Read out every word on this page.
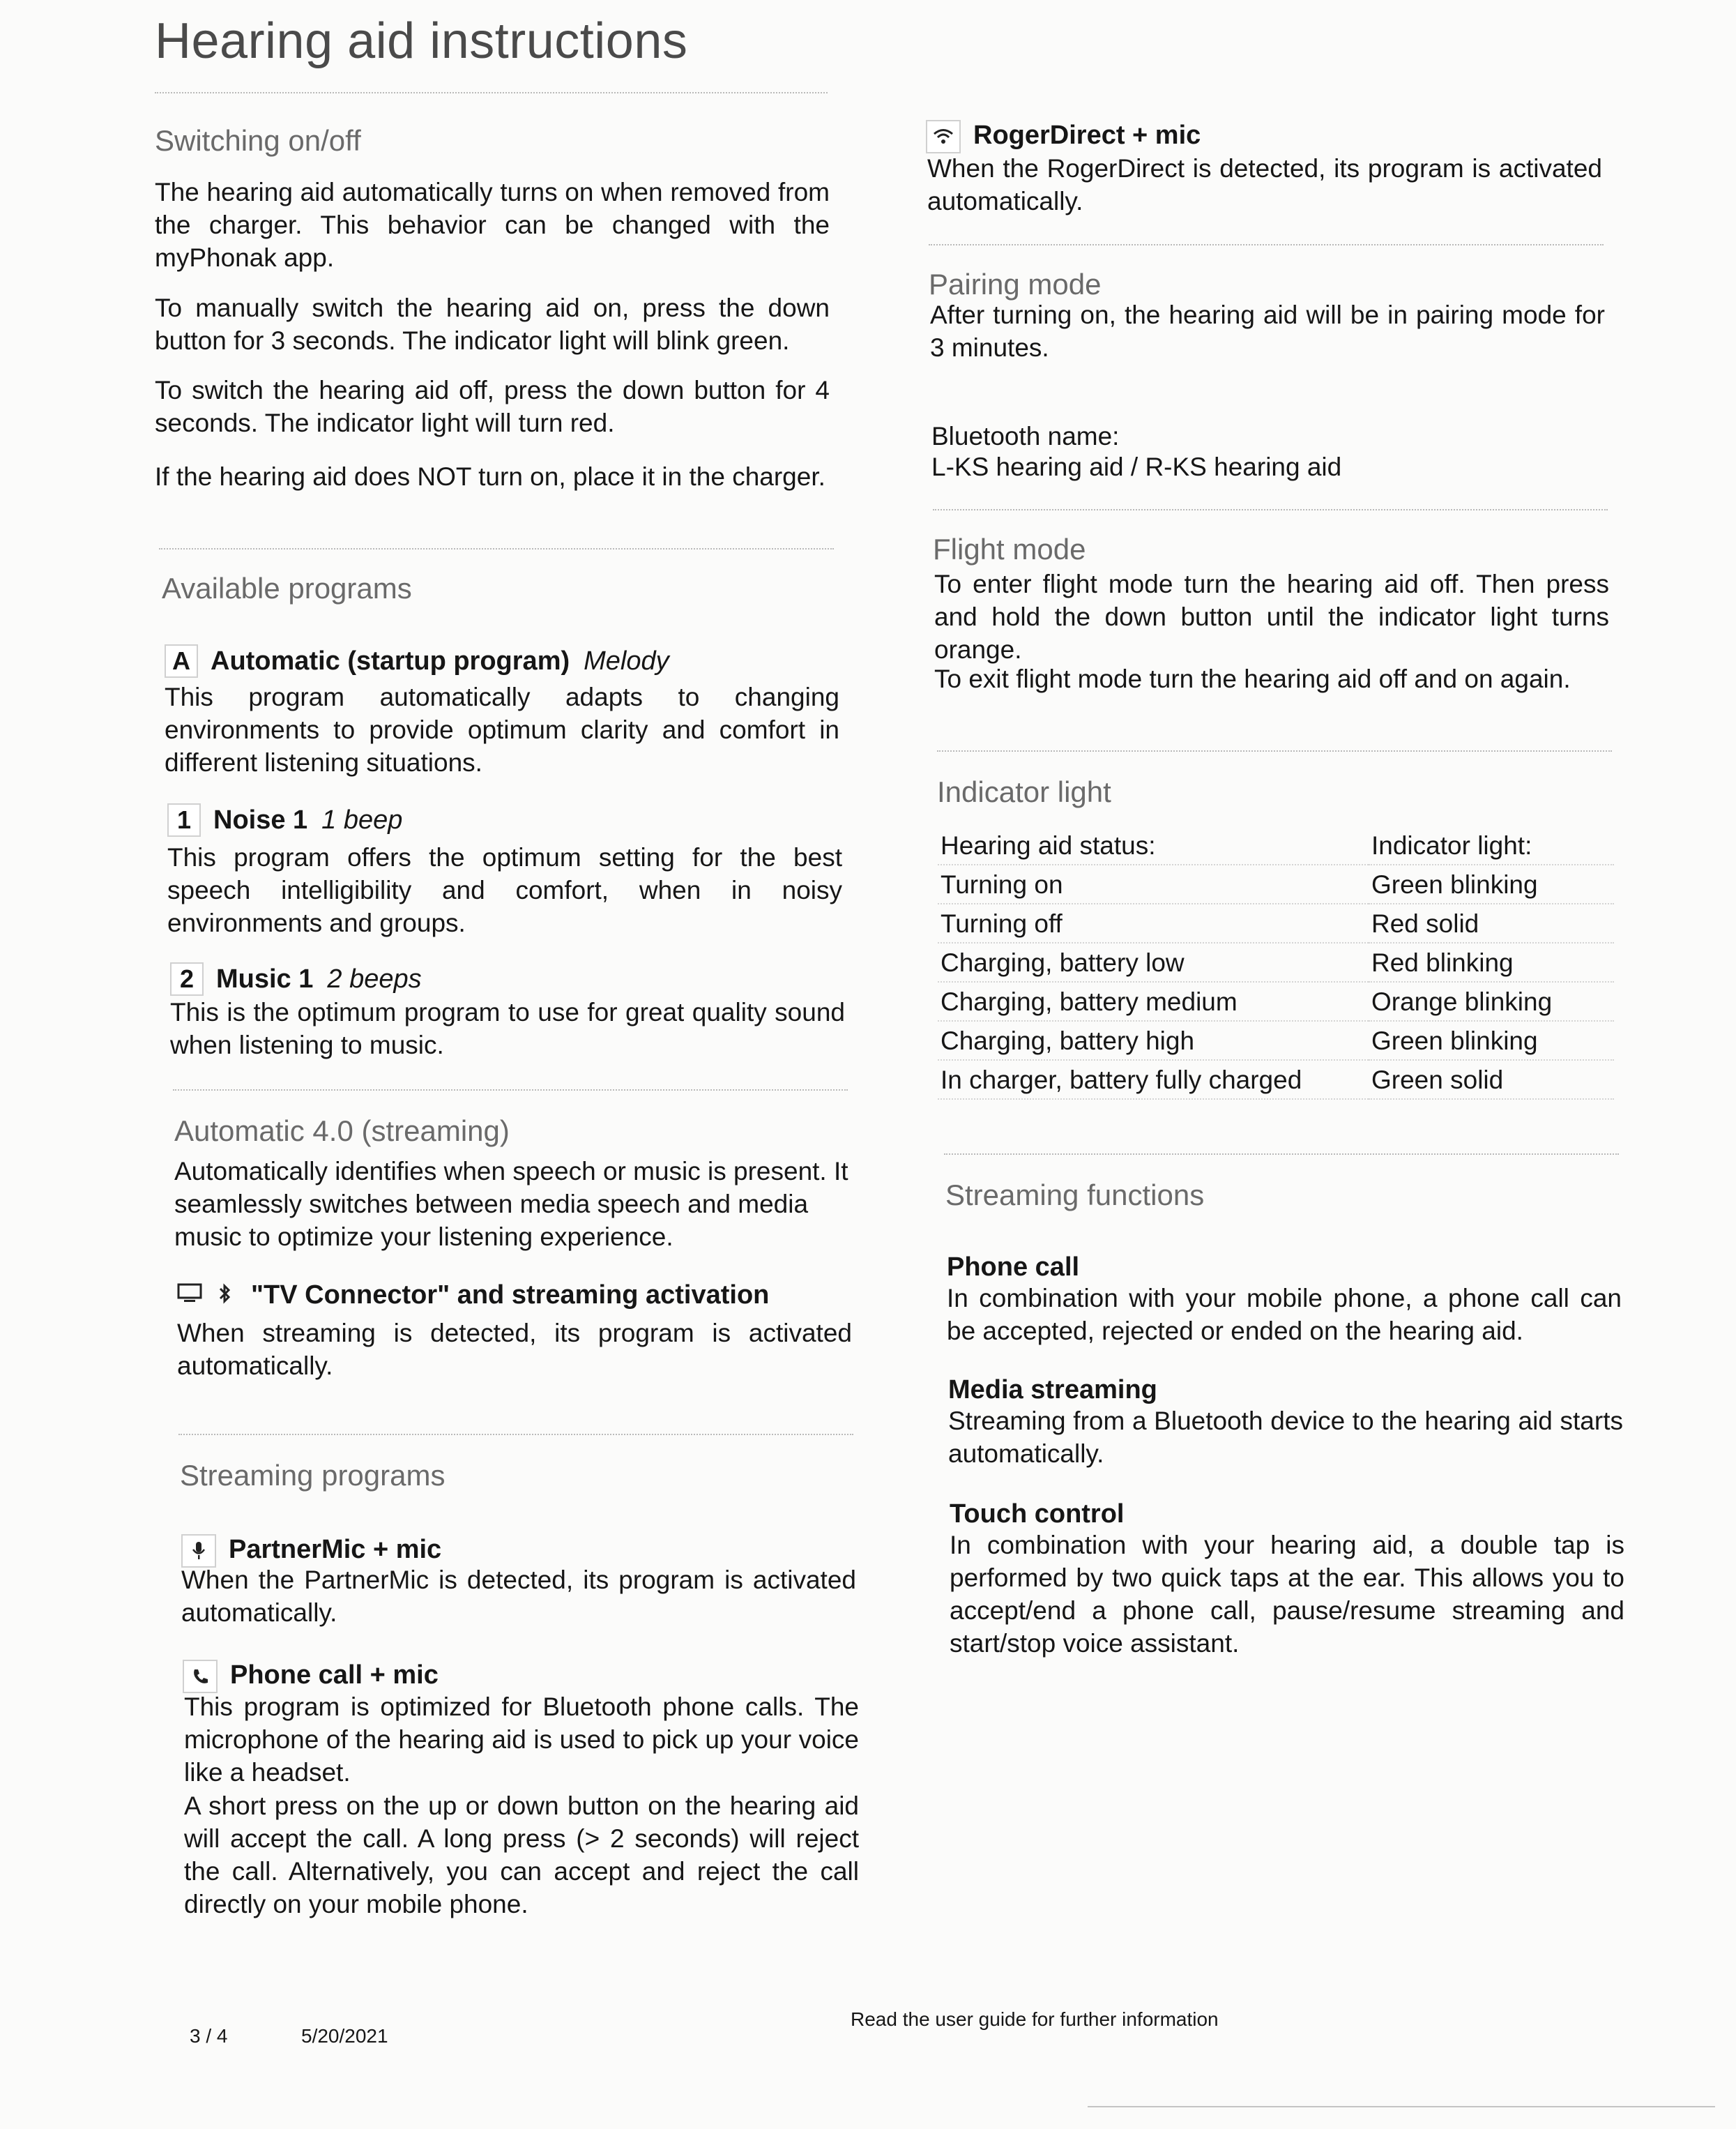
Hearing aid instructions
Switching on/off

The hearing aid automatically turns on when removed from the charger. This behavior can be changed with the myPhonak app.

To manually switch the hearing aid on, press the down button for 3 seconds. The indicator light will blink green.

To switch the hearing aid off, press the down button for 4 seconds. The indicator light will turn red.

If the hearing aid does NOT turn on, place it in the charger.

Available programs
A Automatic (startup program) Melody

This program automatically adapts to changing environments to provide optimum clarity and comfort in different listening situations.

1 Noise 1 1 beep

This program offers the optimum setting for the best speech intelligibility and comfort, when in noisy environments and groups.

2 Music 1 2 beeps

This is the optimum program to use for great quality sound when listening to music.

Automatic 4.0 (streaming)

Automatically identifies when speech or music is present. It seamlessly switches between media speech and media music to optimize your listening experience.

"TV Connector" and streaming activation

When streaming is detected, its program is activated automatically.

Streaming programs
PartnerMic + mic

When the PartnerMic is detected, its program is activated automatically.

Phone call + mic

This program is optimized for Bluetooth phone calls. The microphone of the hearing aid is used to pick up your voice like a headset.

A short press on the up or down button on the hearing aid will accept the call. A long press (> 2 seconds) will reject the call. Alternatively, you can accept and reject the call directly on your mobile phone.

RogerDirect + mic

When the RogerDirect is detected, its program is activated automatically.

Pairing mode

After turning on, the hearing aid will be in pairing mode for 3 minutes.

Bluetooth name:
L-KS hearing aid / R-KS hearing aid
Flight mode

To enter flight mode turn the hearing aid off. Then press and hold the down button until the indicator light turns orange.

To exit flight mode turn the hearing aid off and on again.

Indicator light
Hearing aid status:	Indicator light:
Turning on	Green blinking
Turning off	Red solid
Charging, battery low	Red blinking
Charging, battery medium	Orange blinking
Charging, battery high	Green blinking
In charger, battery fully charged	Green solid
Streaming functions
Phone call

In combination with your mobile phone, a phone call can be accepted, rejected or ended on the hearing aid.

Media streaming

Streaming from a Bluetooth device to the hearing aid starts automatically.

Touch control

In combination with your hearing aid, a double tap is performed by two quick taps at the ear. This allows you to accept/end a phone call, pause/resume streaming and start/stop voice assistant.

3 / 4	5/20/2021
Read the user guide for further information
